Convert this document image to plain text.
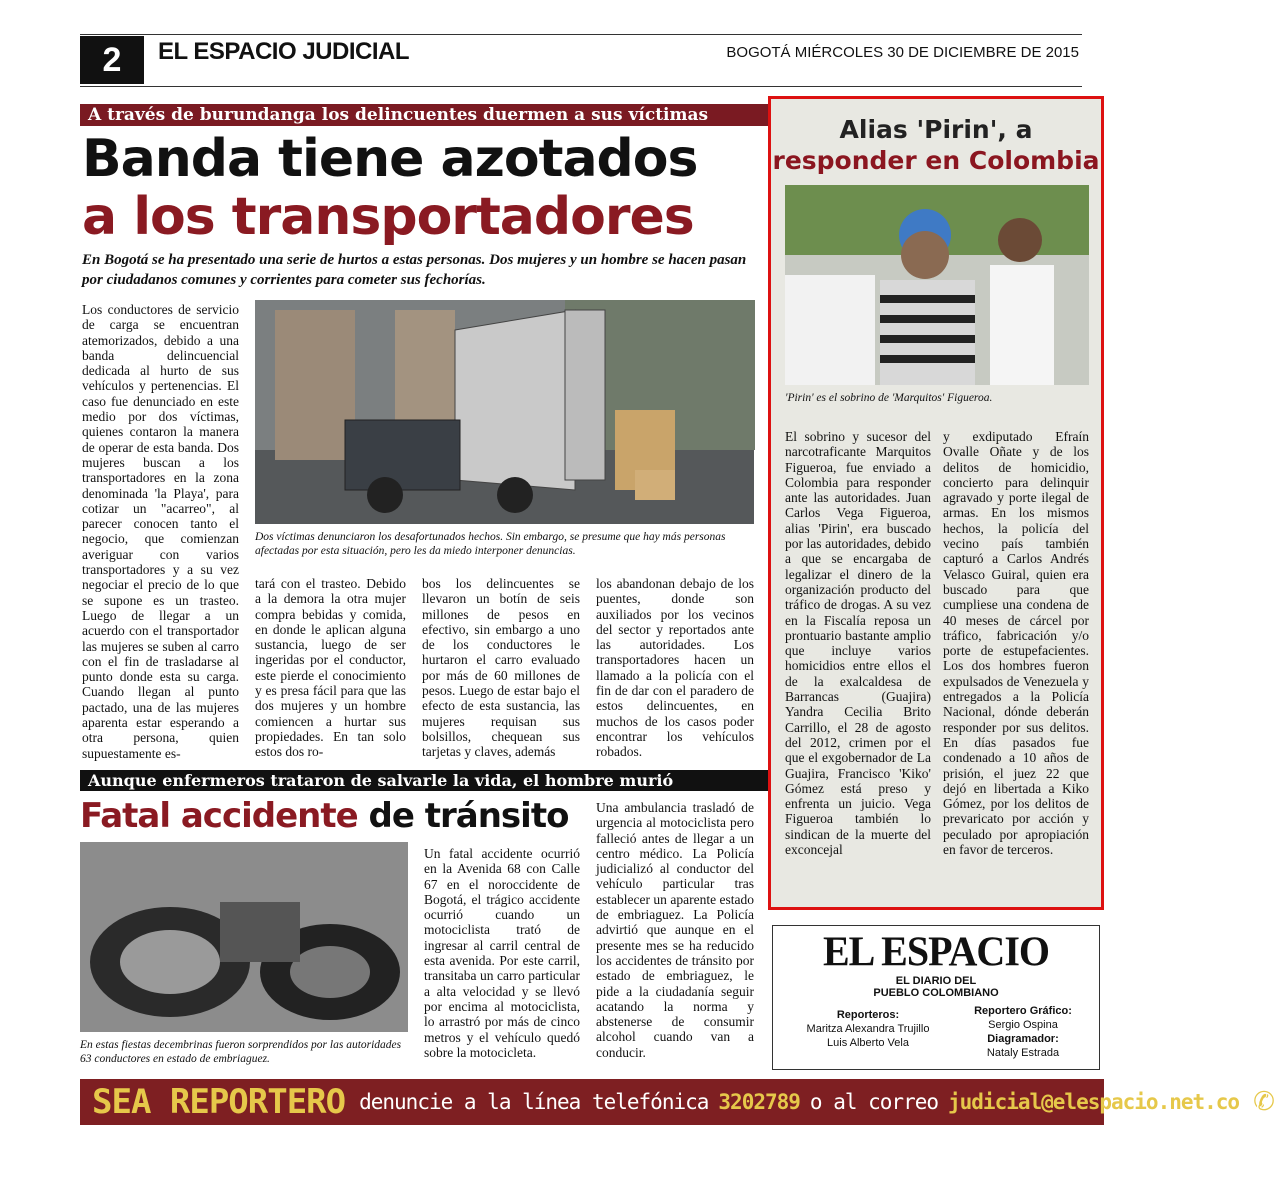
2	EL ESPACIO JUDICIAL	BOGOTÁ MIÉRCOLES 30 DE DICIEMBRE DE 2015
A través de burundanga los delincuentes duermen a sus víctimas
Banda tiene azotados
a los transportadores
En Bogotá se ha presentado una serie de hurtos a estas personas. Dos mujeres y un hombre se hacen pasan por ciudadanos comunes y corrientes para cometer sus fechorías.
Los conductores de servicio de carga se encuentran atemorizados, debido a una banda delincuencial dedicada al hurto de sus vehículos y pertenencias. El caso fue denunciado en este medio por dos víctimas, quienes contaron la manera de operar de esta banda. Dos mujeres buscan a los transportadores en la zona denominada 'la Playa', para cotizar un "acarreo", al parecer conocen tanto el negocio, que comienzan averiguar con varios transportadores y a su vez negociar el precio de lo que se supone es un trasteo. Luego de llegar a un acuerdo con el transportador las mujeres se suben al carro con el fin de trasladarse al punto donde esta su carga. Cuando llegan al punto pactado, una de las mujeres aparenta estar esperando a otra persona, quien supuestamente es-
Dos víctimas denunciaron los desafortunados hechos. Sin embargo, se presume que hay más personas afectadas por esta situación, pero les da miedo interponer denuncias.
tará con el trasteo. Debido a la demora la otra mujer compra bebidas y comida, en donde le aplican alguna sustancia, luego de ser ingeridas por el conductor, este pierde el conocimiento y es presa fácil para que las dos mujeres y un hombre comiencen a hurtar sus propiedades. En tan solo estos dos ro-
bos los delincuentes se llevaron un botín de seis millones de pesos en efectivo, sin embargo a uno de los conductores le hurtaron el carro evaluado por más de 60 millones de pesos. Luego de estar bajo el efecto de esta sustancia, las mujeres requisan sus bolsillos, chequean sus tarjetas y claves, además
los abandonan debajo de los puentes, donde son auxiliados por los vecinos del sector y reportados ante las autoridades. Los transportadores hacen un llamado a la policía con el fin de dar con el paradero de estos delincuentes, en muchos de los casos poder encontrar los vehículos robados.
Aunque enfermeros trataron de salvarle la vida, el hombre murió
Fatal accidente de tránsito
En estas fiestas decembrinas fueron sorprendidos por las autoridades 63 conductores en estado de embriaguez.
Un fatal accidente ocurrió en la Avenida 68 con Calle 67 en el noroccidente de Bogotá, el trágico accidente ocurrió cuando un motociclista trató de ingresar al carril central de esta avenida. Por este carril, transitaba un carro particular a alta velocidad y se llevó por encima al motociclista, lo arrastró por más de cinco metros y el vehículo quedó sobre la motocicleta.
Una ambulancia trasladó de urgencia al motociclista pero falleció antes de llegar a un centro médico. La Policía judicializó al conductor del vehículo particular tras establecer un aparente estado de embriaguez. La Policía advirtió que aunque en el presente mes se ha reducido los accidentes de tránsito por estado de embriaguez, le pide a la ciudadanía seguir acatando la norma y abstenerse de consumir alcohol cuando van a conducir.
Alias 'Pirin', a
responder en Colombia
'Pirin' es el sobrino de 'Marquitos' Figueroa.
El sobrino y sucesor del narcotraficante Marquitos Figueroa, fue enviado a Colombia para responder ante las autoridades. Juan Carlos Vega Figueroa, alias 'Pirin', era buscado por las autoridades, debido a que se encargaba de legalizar el dinero de la organización producto del tráfico de drogas. A su vez en la Fiscalía reposa un prontuario bastante amplio que incluye varios homicidios entre ellos el de la exalcaldesa de Barrancas (Guajira) Yandra Cecilia Brito Carrillo, el 28 de agosto del 2012, crimen por el que el exgobernador de La Guajira, Francisco 'Kiko' Gómez está preso y enfrenta un juicio. Vega Figueroa también lo sindican de la muerte del exconcejal
y exdiputado Efraín Ovalle Oñate y de los delitos de homicidio, concierto para delinquir agravado y porte ilegal de armas. En los mismos hechos, la policía del vecino país también capturó a Carlos Andrés Velasco Guiral, quien era buscado para que cumpliese una condena de 40 meses de cárcel por tráfico, fabricación y/o porte de estupefacientes. Los dos hombres fueron expulsados de Venezuela y entregados a la Policía Nacional, dónde deberán responder por sus delitos. En días pasados fue condenado a 10 años de prisión, el juez 22 que dejó en libertada a Kiko Gómez, por los delitos de prevaricato por acción y peculado por apropiación en favor de terceros.
EL ESPACIO
EL DIARIO DEL
PUEBLO COLOMBIANO
Reporteros:
Maritza Alexandra Trujillo
Luis Alberto Vela
Reportero Gráfico:
Sergio Ospina
Diagramador:
Nataly Estrada
SEA REPORTERO denuncie a la línea telefónica 3202789 o al correo judicial@elespacio.net.co ✆
